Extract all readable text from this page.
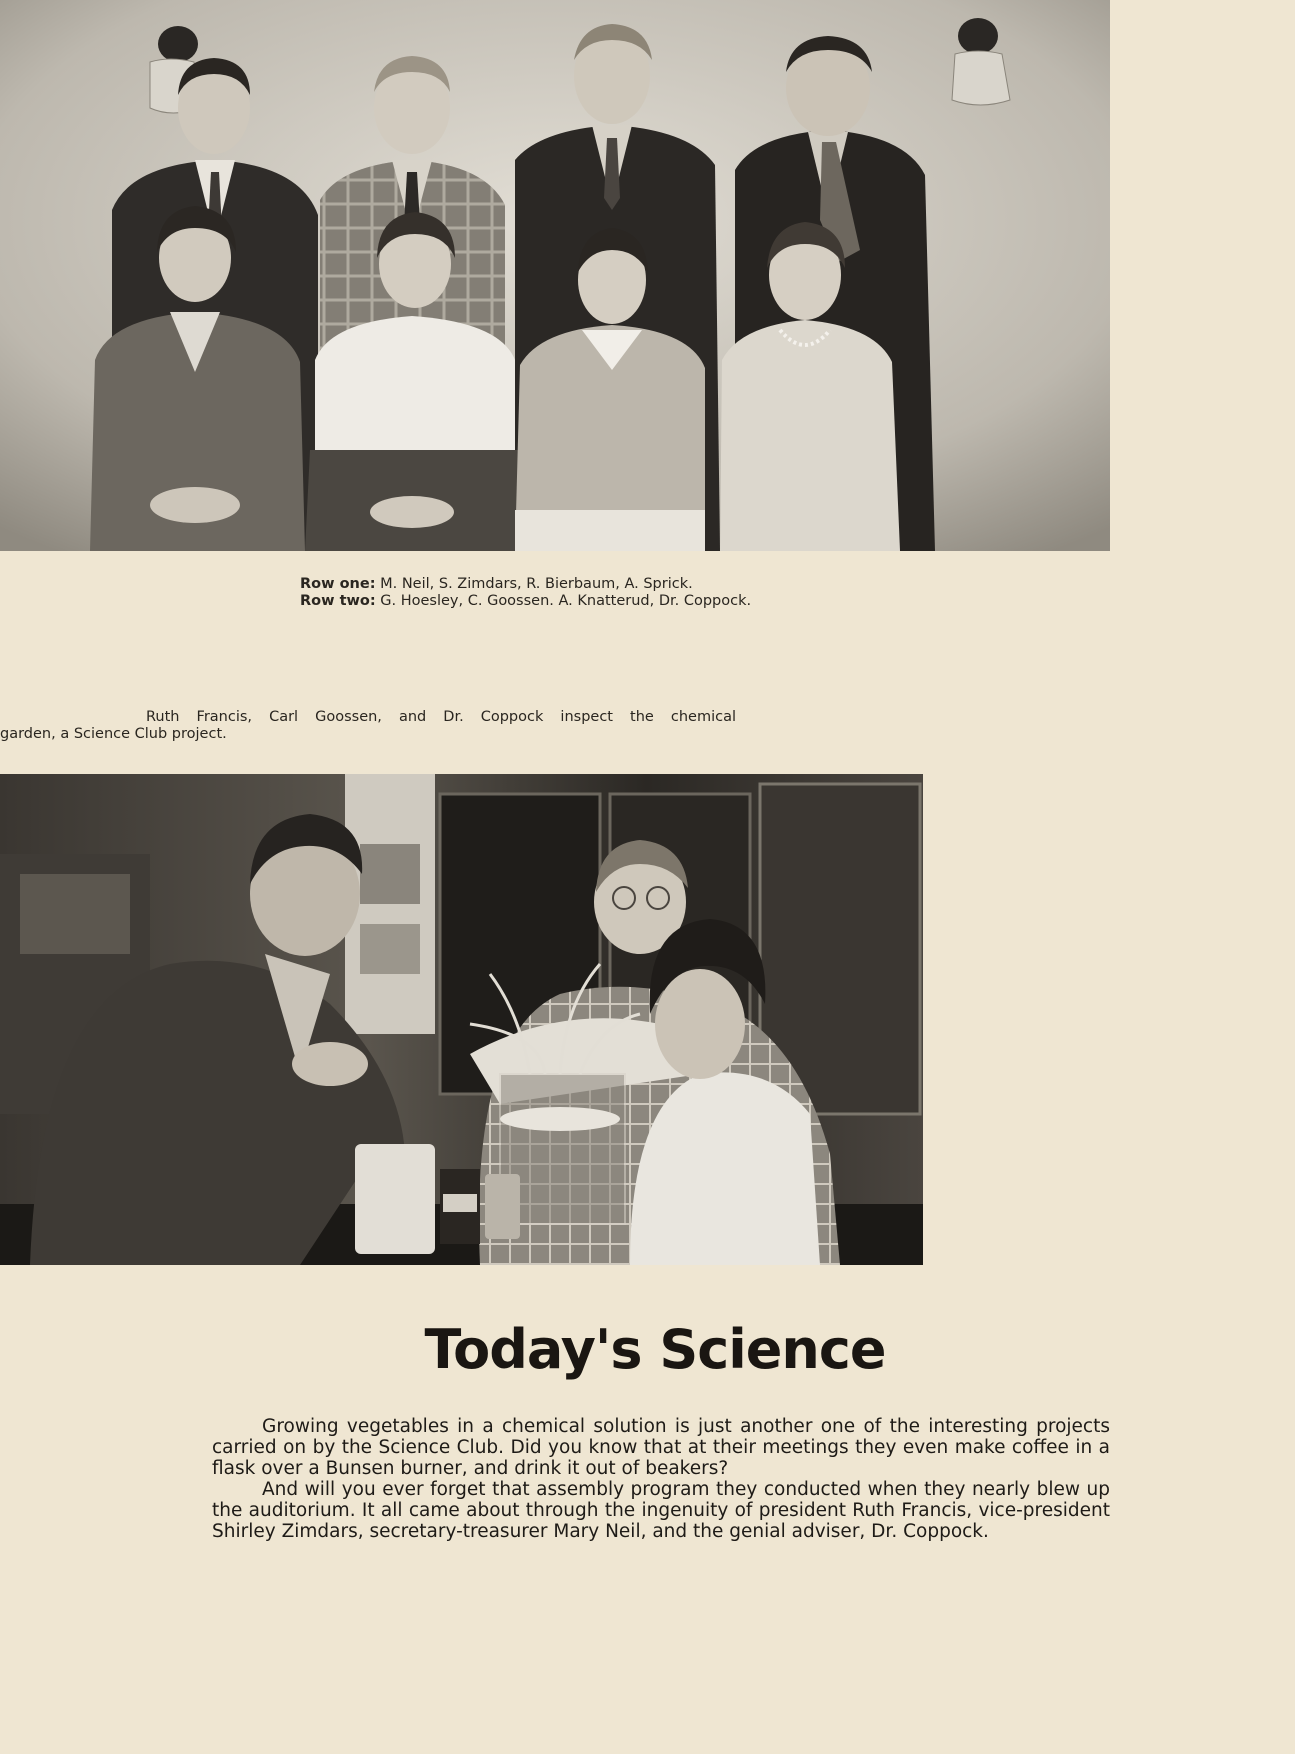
Row one: M. Neil, S. Zimdars, R. Bierbaum, A. Sprick.
Row two: G. Hoesley, C. Goossen. A. Knatterud, Dr. Coppock.
Ruth Francis, Carl Goossen, and Dr. Coppock inspect the chemical
garden, a Science Club project.
Today's Science

Growing vegetables in a chemical solution is just another one of the interesting projects carried on by the Science Club. Did you know that at their meetings they even make coffee in a flask over a Bunsen burner, and drink it out of beakers?

And will you ever forget that assembly program they conducted when they nearly blew up the auditorium. It all came about through the ingenuity of president Ruth Francis, vice-president Shirley Zimdars, secretary-treasurer Mary Neil, and the genial adviser, Dr. Coppock.
